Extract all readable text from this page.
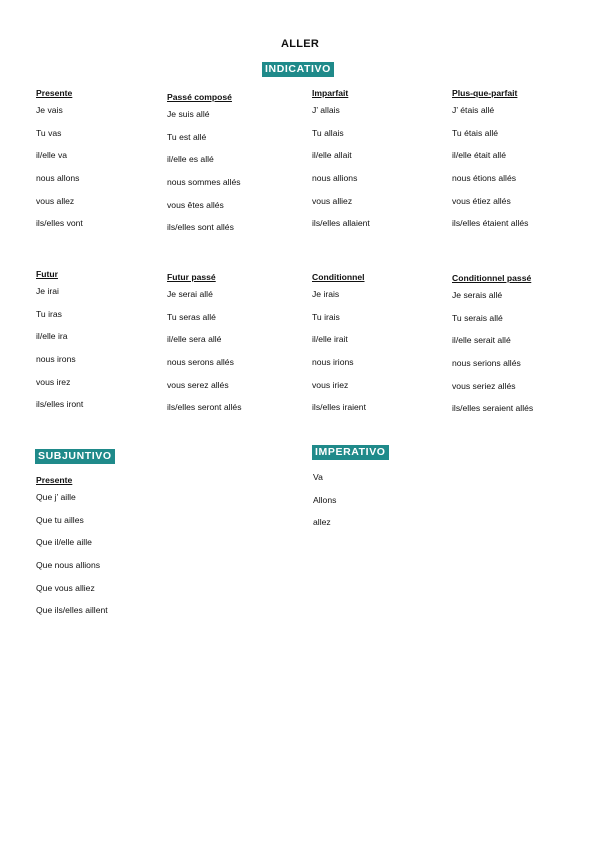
ALLER
INDICATIVO
Presente
Je vais
Tu vas
il/elle va
nous allons
vous allez
ils/elles vont
Passé composé
Je suis allé
Tu est allé
il/elle es allé
nous sommes allés
vous êtes allés
ils/elles sont allés
Imparfait
J’ allais
Tu allais
il/elle allait
nous allions
vous alliez
ils/elles allaient
Plus-que-parfait
J’ étais allé
Tu étais allé
il/elle était allé
nous étions allés
vous étiez allés
ils/elles étaient allés
Futur
Je irai
Tu iras
il/elle ira
nous irons
vous irez
ils/elles iront
Futur passé
Je serai allé
Tu seras allé
il/elle sera allé
nous serons allés
vous serez allés
ils/elles seront allés
Conditionnel
Je irais
Tu irais
il/elle irait
nous irions
vous iriez
ils/elles iraient
Conditionnel passé
Je serais allé
Tu serais allé
il/elle serait allé
nous serions allés
vous seriez allés
ils/elles seraient allés
SUBJUNTIVO
Presente
Que j’ aille
Que tu ailles
Que il/elle aille
Que nous allions
Que vous alliez
Que ils/elles aillent
IMPERATIVO
Va
Allons
allez
